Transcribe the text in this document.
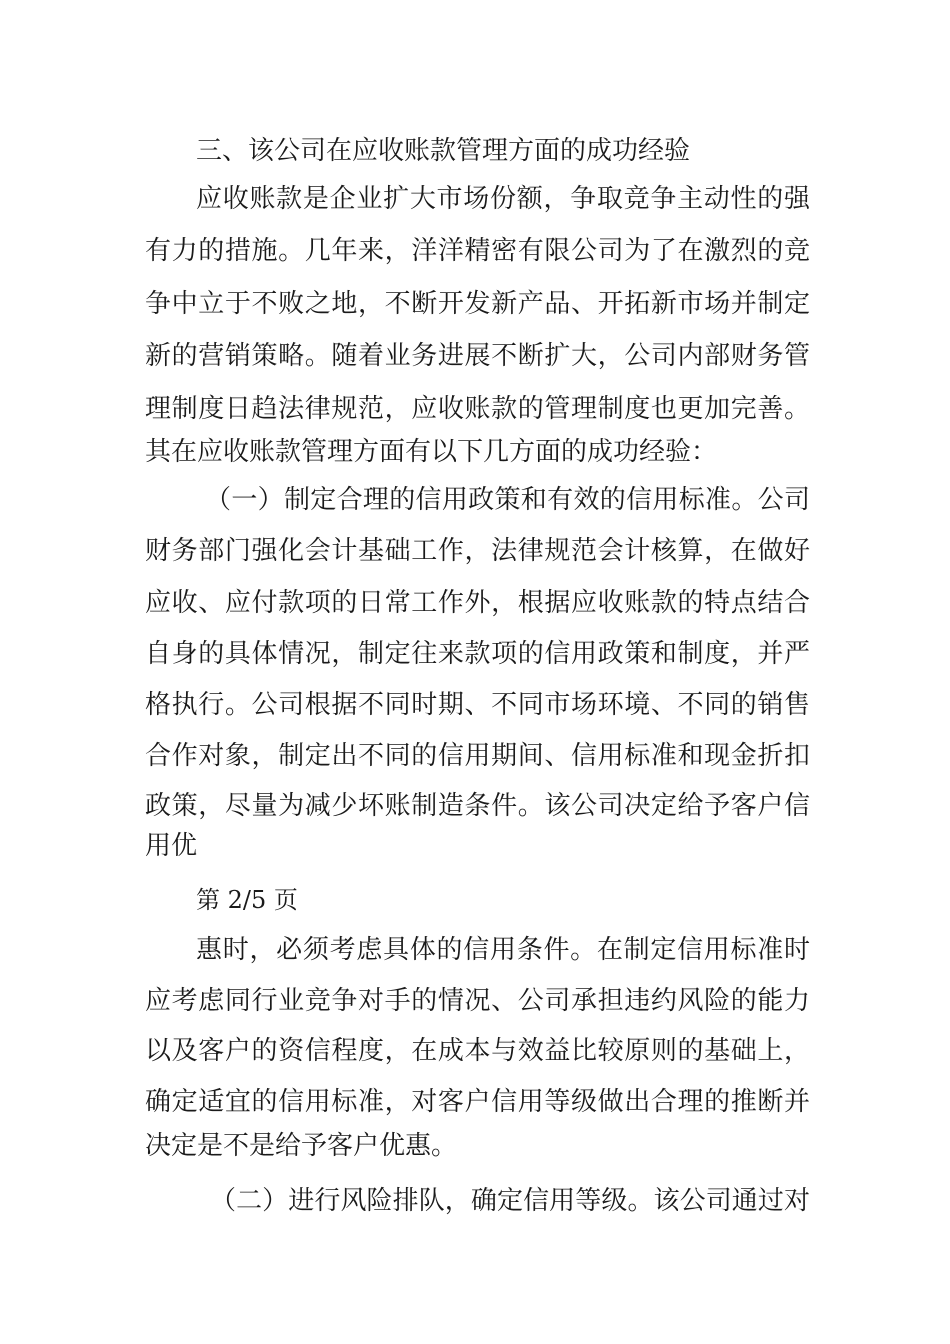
三、该公司在应收账款管理方面的成功经验
应收账款是企业扩大市场份额，争取竞争主动性的强
有力的措施。几年来，洋洋精密有限公司为了在激烈的竞
争中立于不败之地，不断开发新产品、开拓新市场并制定
新的营销策略。随着业务进展不断扩大，公司内部财务管
理制度日趋法律规范，应收账款的管理制度也更加完善。
其在应收账款管理方面有以下几方面的成功经验：
（一）制定合理的信用政策和有效的信用标准。公司
财务部门强化会计基础工作，法律规范会计核算，在做好
应收、应付款项的日常工作外，根据应收账款的特点结合
自身的具体情况，制定往来款项的信用政策和制度，并严
格执行。公司根据不同时期、不同市场环境、不同的销售
合作对象，制定出不同的信用期间、信用标准和现金折扣
政策，尽量为减少坏账制造条件。该公司决定给予客户信
用优
第 2/5 页
惠时，必须考虑具体的信用条件。在制定信用标准时
应考虑同行业竞争对手的情况、公司承担违约风险的能力
以及客户的资信程度，在成本与效益比较原则的基础上，
确定适宜的信用标准，对客户信用等级做出合理的推断并
决定是不是给予客户优惠。
（二）进行风险排队，确定信用等级。该公司通过对
